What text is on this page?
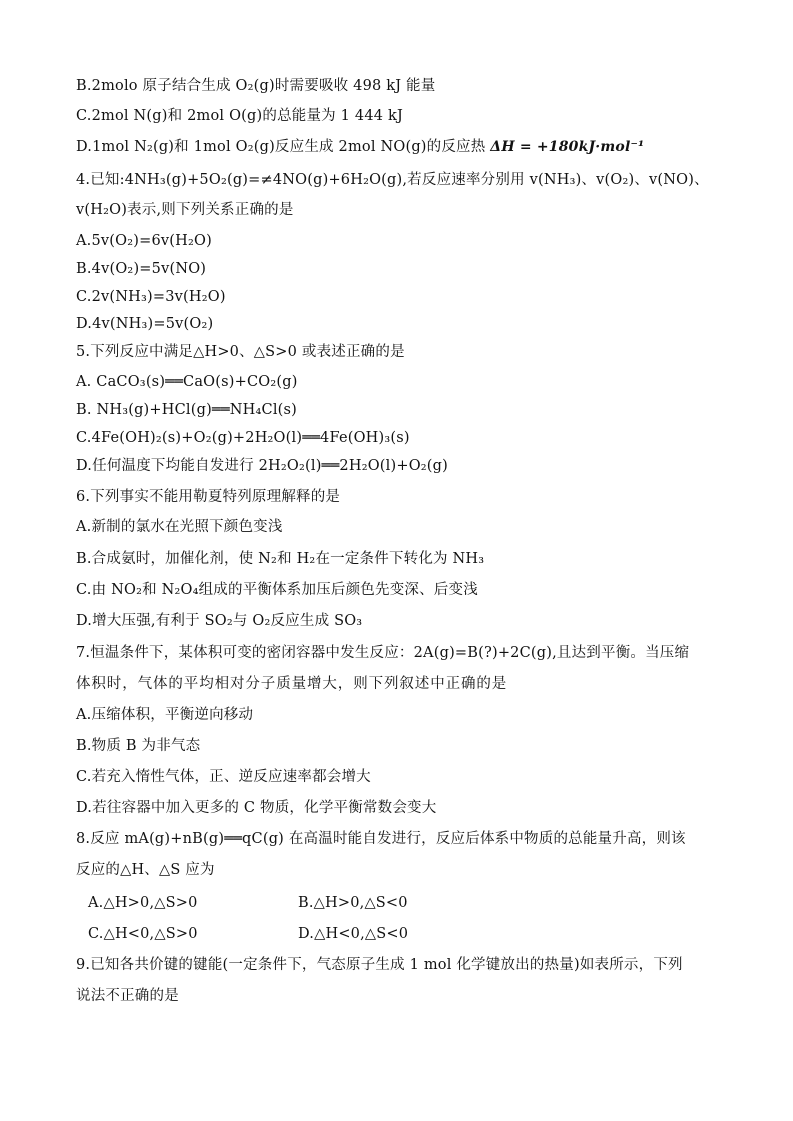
B.2molo 原子结合生成 O₂(g)时需要吸收 498 kJ 能量
C.2mol N(g)和 2mol O(g)的总能量为 1 444 kJ
D.1mol N₂(g)和 1mol O₂(g)反应生成 2mol NO(g)的反应热 ΔH = +180kJ·mol⁻¹
4.已知:4NH₃(g)+5O₂(g)=≠4NO(g)+6H₂O(g),若反应速率分别用 v(NH₃)、v(O₂)、v(NO)、
v(H₂O)表示,则下列关系正确的是
A.5v(O₂)=6v(H₂O)
B.4v(O₂)=5v(NO)
C.2v(NH₃)=3v(H₂O)
D.4v(NH₃)=5v(O₂)
5.下列反应中满足△H>0、△S>0 或表述正确的是
A. CaCO₃(s)══CaO(s)+CO₂(g)
B. NH₃(g)+HCl(g)══NH₄Cl(s)
C.4Fe(OH)₂(s)+O₂(g)+2H₂O(l)══4Fe(OH)₃(s)
D.任何温度下均能自发进行 2H₂O₂(l)══2H₂O(l)+O₂(g)
6.下列事实不能用勒夏特列原理解释的是
A.新制的氯水在光照下颜色变浅
B.合成氨时，加催化剂，使 N₂和 H₂在一定条件下转化为 NH₃
C.由 NO₂和 N₂O₄组成的平衡体系加压后颜色先变深、后变浅
D.增大压强,有利于 SO₂与 O₂反应生成 SO₃
7.恒温条件下，某体积可变的密闭容器中发生反应：2A(g)=B(?)+2C(g),且达到平衡。当压缩
体积时，气体的平均相对分子质量增大，则下列叙述中正确的是
A.压缩体积，平衡逆向移动
B.物质 B 为非气态
C.若充入惰性气体，正、逆反应速率都会增大
D.若往容器中加入更多的 C 物质，化学平衡常数会变大
8.反应 mA(g)+nB(g)══qC(g) 在高温时能自发进行，反应后体系中物质的总能量升高，则该
反应的△H、△S 应为
A.△H>0,△S>0	B.△H>0,△S<0
C.△H<0,△S>0	D.△H<0,△S<0
9.已知各共价键的键能(一定条件下，气态原子生成 1 mol 化学键放出的热量)如表所示，下列
说法不正确的是
